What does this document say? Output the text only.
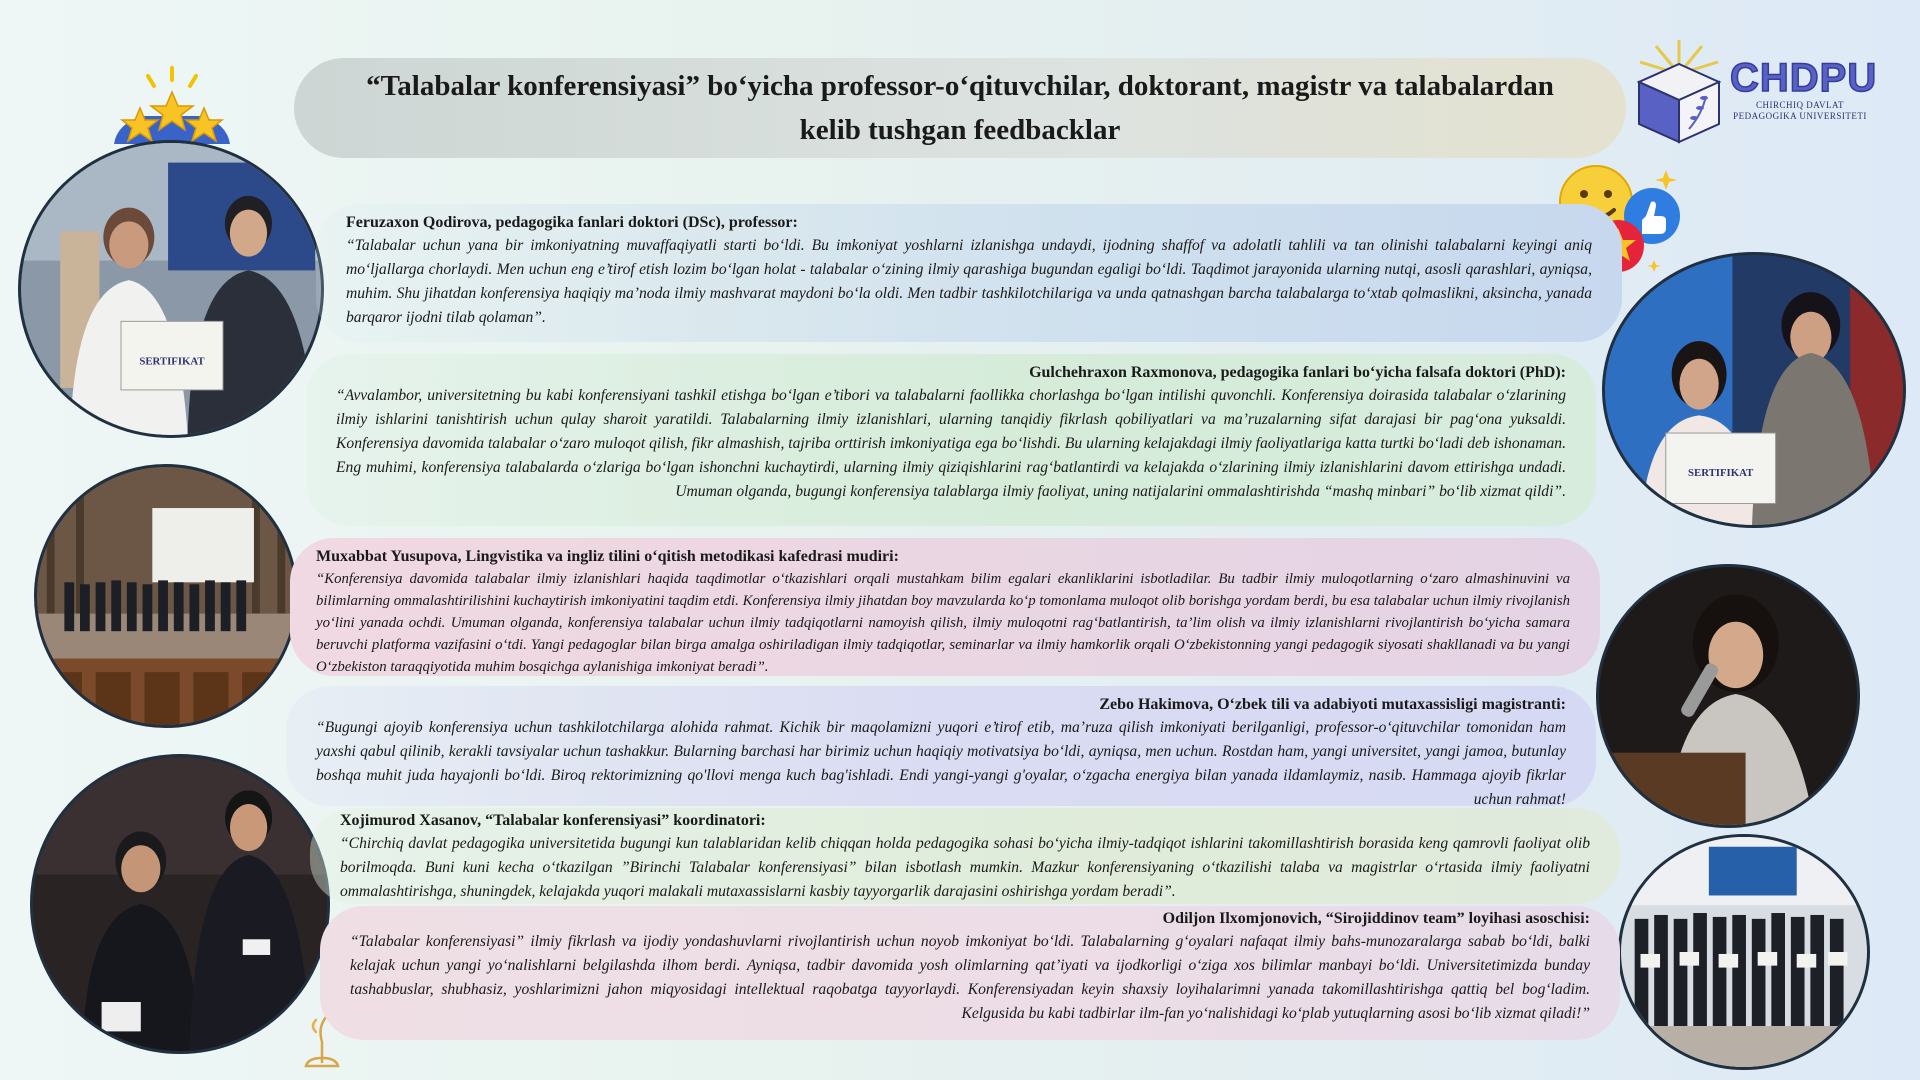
“Talabalar konferensiyasi” bo‘yicha professor-o‘qituvchilar, doktorant, magistr va talabalardan
kelib tushgan feedbacklar
CHDPU
CHIRCHIQ DAVLAT
PEDAGOGIKA UNIVERSITETI
SERTIFIKAT
SERTIFIKAT
Feruzaxon Qodirova, pedagogika fanlari doktori (DSc), professor:
“Talabalar uchun yana bir imkoniyatning muvaffaqiyatli starti bo‘ldi. Bu imkoniyat yoshlarni izlanishga undaydi, ijodning shaffof va adolatli tahlili va tan olinishi talabalarni keyingi aniq mo‘ljallarga chorlaydi. Men uchun eng e’tirof etish lozim bo‘lgan holat - talabalar o‘zining ilmiy qarashiga bugundan egaligi bo‘ldi. Taqdimot jarayonida ularning nutqi, asosli qarashlari, ayniqsa, muhim. Shu jihatdan konferensiya haqiqiy ma’noda ilmiy mashvarat maydoni bo‘la oldi. Men tadbir tashkilotchilariga va unda qatnashgan barcha talabalarga to‘xtab qolmaslikni, aksincha, yanada barqaror ijodni tilab qolaman”.
Gulchehraxon Raxmonova, pedagogika fanlari bo‘yicha falsafa doktori (PhD):
“Avvalambor, universitetning bu kabi konferensiyani tashkil etishga bo‘lgan e’tibori va talabalarni faollikka chorlashga bo‘lgan intilishi quvonchli. Konferensiya doirasida talabalar o‘zlarining ilmiy ishlarini tanishtirish uchun qulay sharoit yaratildi. Talabalarning ilmiy izlanishlari, ularning tanqidiy fikrlash qobiliyatlari va ma’ruzalarning sifat darajasi bir pag‘ona yuksaldi. Konferensiya davomida talabalar o‘zaro muloqot qilish, fikr almashish, tajriba orttirish imkoniyatiga ega bo‘lishdi. Bu ularning kelajakdagi ilmiy faoliyatlariga katta turtki bo‘ladi deb ishonaman. Eng muhimi, konferensiya talabalarda o‘zlariga bo‘lgan ishonchni kuchaytirdi, ularning ilmiy qiziqishlarini rag‘batlantirdi va kelajakda o‘zlarining ilmiy izlanishlarini davom ettirishga undadi. Umuman olganda, bugungi konferensiya talablarga ilmiy faoliyat, uning natijalarini ommalashtirishda “mashq minbari” bo‘lib xizmat qildi”.
Muxabbat Yusupova, Lingvistika va ingliz tilini o‘qitish metodikasi kafedrasi mudiri:
“Konferensiya davomida talabalar ilmiy izlanishlari haqida taqdimotlar o‘tkazishlari orqali mustahkam bilim egalari ekanliklarini isbotladilar. Bu tadbir ilmiy muloqotlarning o‘zaro almashinuvini va bilimlarning ommalashtirilishini kuchaytirish imkoniyatini taqdim etdi. Konferensiya ilmiy jihatdan boy mavzularda ko‘p tomonlama muloqot olib borishga yordam berdi, bu esa talabalar uchun ilmiy rivojlanish yo‘lini yanada ochdi. Umuman olganda, konferensiya talabalar uchun ilmiy tadqiqotlarni namoyish qilish, ilmiy muloqotni rag‘batlantirish, ta’lim olish va ilmiy izlanishlarni rivojlantirish bo‘yicha samara beruvchi platforma vazifasini o‘tdi. Yangi pedagoglar bilan birga amalga oshiriladigan ilmiy tadqiqotlar, seminarlar va ilmiy hamkorlik orqali O‘zbekistonning yangi pedagogik siyosati shakllanadi va bu yangi O‘zbekiston taraqqiyotida muhim bosqichga aylanishiga imkoniyat beradi”.
Zebo Hakimova, O‘zbek tili va adabiyoti mutaxassisligi magistranti:
“Bugungi ajoyib konferensiya uchun tashkilotchilarga alohida rahmat. Kichik bir maqolamizni yuqori e’tirof etib, ma’ruza qilish imkoniyati berilganligi, professor-o‘qituvchilar tomonidan ham yaxshi qabul qilinib, kerakli tavsiyalar uchun tashakkur. Bularning barchasi har birimiz uchun haqiqiy motivatsiya bo‘ldi, ayniqsa, men uchun. Rostdan ham, yangi universitet, yangi jamoa, butunlay boshqa muhit juda hayajonli bo‘ldi. Biroq rektorimizning qo'llovi menga kuch bag'ishladi. Endi yangi-yangi g'oyalar, o‘zgacha energiya bilan yanada ildamlaymiz, nasib. Hammaga ajoyib fikrlar uchun rahmat!
Xojimurod Xasanov, “Talabalar konferensiyasi” koordinatori:
“Chirchiq davlat pedagogika universitetida bugungi kun talablaridan kelib chiqqan holda pedagogika sohasi bo‘yicha ilmiy-tadqiqot ishlarini takomillashtirish borasida keng qamrovli faoliyat olib borilmoqda. Buni kuni kecha o‘tkazilgan ”Birinchi Talabalar konferensiyasi” bilan isbotlash mumkin. Mazkur konferensiyaning o‘tkazilishi talaba va magistrlar o‘rtasida ilmiy faoliyatni ommalashtirishga, shuningdek, kelajakda yuqori malakali mutaxassislarni kasbiy tayyorgarlik darajasini oshirishga yordam beradi”.
Odiljon Ilxomjonovich, “Sirojiddinov team” loyihasi asoschisi:
“Talabalar konferensiyasi” ilmiy fikrlash va ijodiy yondashuvlarni rivojlantirish uchun noyob imkoniyat bo‘ldi. Talabalarning g‘oyalari nafaqat ilmiy bahs-munozaralarga sabab bo‘ldi, balki kelajak uchun yangi yo‘nalishlarni belgilashda ilhom berdi. Ayniqsa, tadbir davomida yosh olimlarning qat’iyati va ijodkorligi o‘ziga xos bilimlar manbayi bo‘ldi. Universitetimizda bunday tashabbuslar, shubhasiz, yoshlarimizni jahon miqyosidagi intellektual raqobatga tayyorlaydi. Konferensiyadan keyin shaxsiy loyihalarimni yanada takomillashtirishga qattiq bel bog‘ladim. Kelgusida bu kabi tadbirlar ilm-fan yo‘nalishidagi ko‘plab yutuqlarning asosi bo‘lib xizmat qiladi!”
